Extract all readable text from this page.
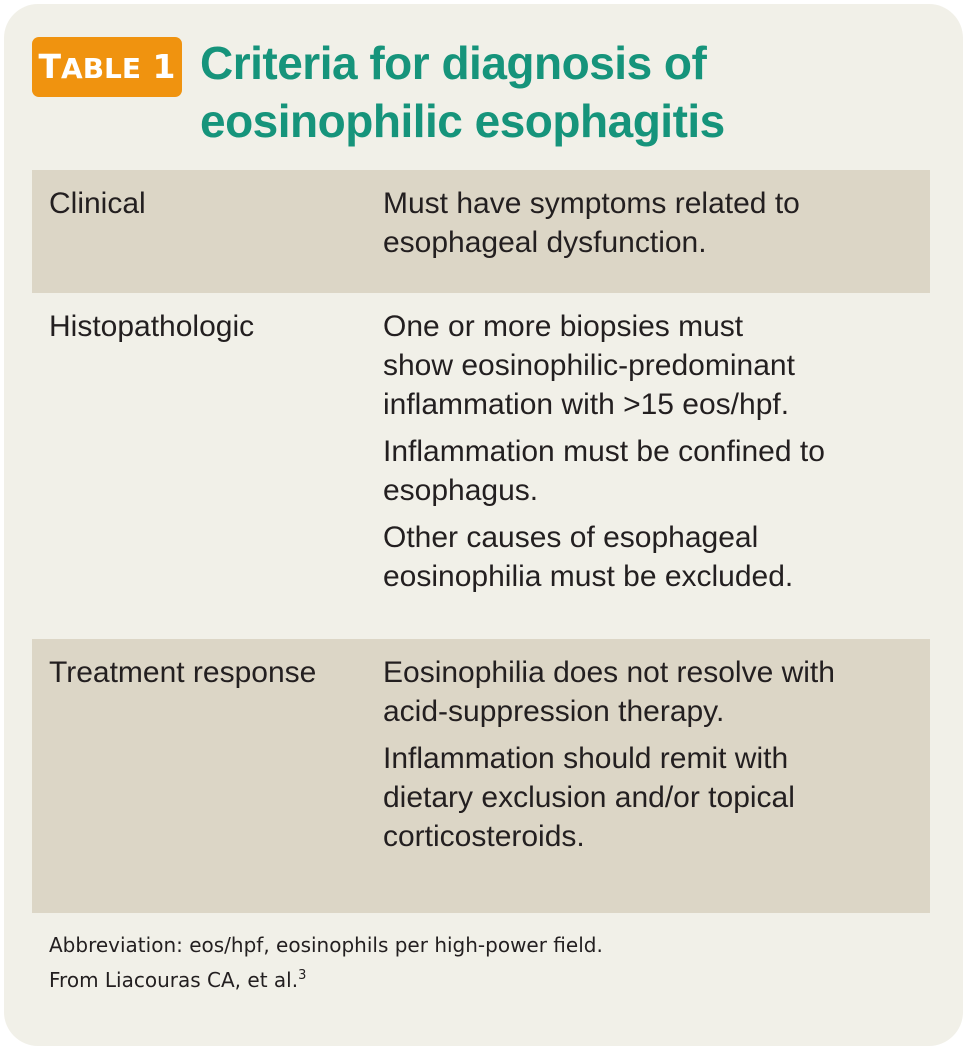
TABLE 1 Criteria for diagnosis of
eosinophilic esophagitis
Clinical	Must have symptoms related to
esophageal dysfunction.

Histopathologic	One or more biopsies must
show eosinophilic-predominant
inflammation with >15 eos/hpf.

Inflammation must be confined to
esophagus.

Other causes of esophageal
eosinophilia must be excluded.

Treatment response Eosinophilia does not resolve with
acid-suppression therapy.

Inflammation should remit with
dietary exclusion and/or topical
corticosteroids.

Abbreviation: eos/hpf, eosinophils per high-power field.
From Liacouras CA, et al.$^3$
